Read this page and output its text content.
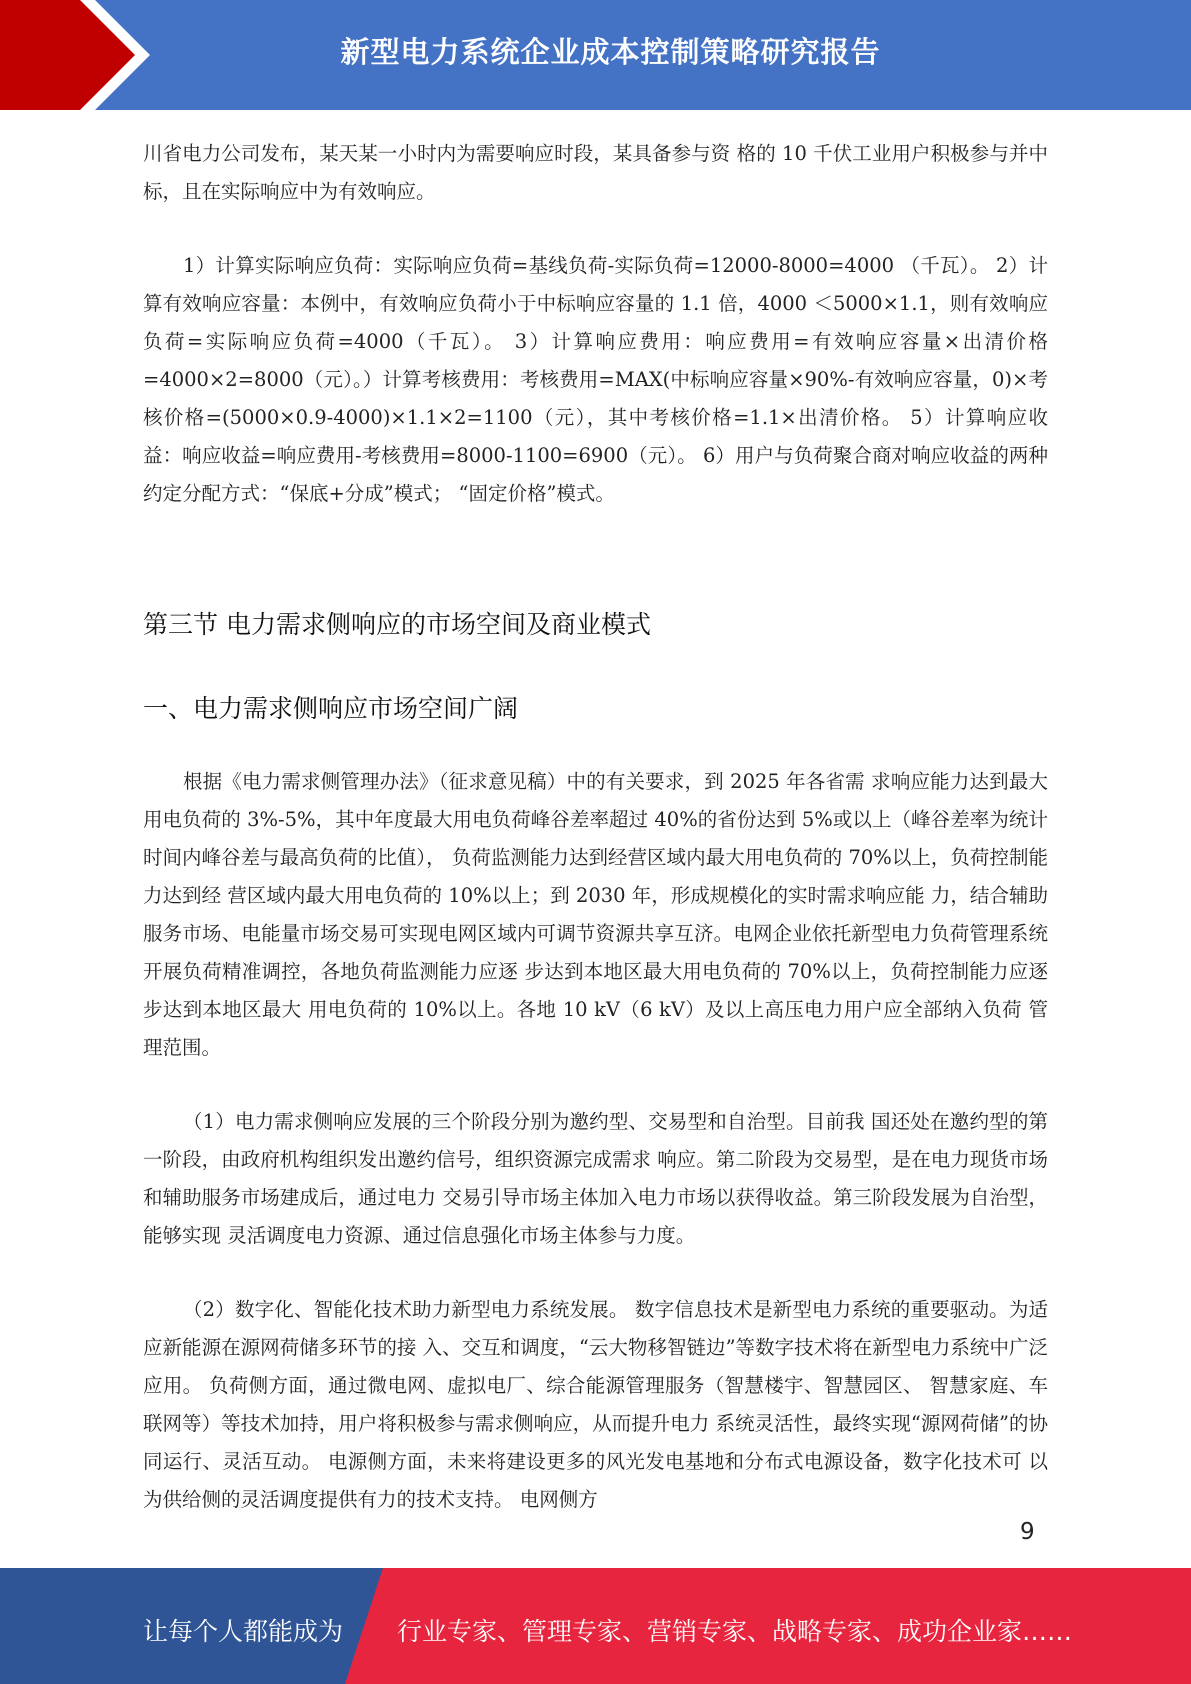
新型电力系统企业成本控制策略研究报告

川省电力公司发布，某天某一小时内为需要响应时段，某具备参与资 格的 10 千伏工业用户积极参与并中标，且在实际响应中为有效响应。

1）计算实际响应负荷：实际响应负荷=基线负荷-实际负荷=12000-8000=4000 （千瓦）。 2）计算有效响应容量：本例中，有效响应负荷小于中标响应容量的 1.1 倍，4000 ＜5000×1.1，则有效响应负荷=实际响应负荷=4000（千瓦）。 3）计算响应费用：响应费用=有效响应容量×出清价格=4000×2=8000（元）。）计算考核费用：考核费用=MAX(中标响应容量×90%-有效响应容量，0)×考 核价格=(5000×0.9-4000)×1.1×2=1100（元），其中考核价格=1.1×出清价格。 5）计算响应收益：响应收益=响应费用-考核费用=8000-1100=6900（元）。 6）用户与负荷聚合商对响应收益的两种约定分配方式：“保底+分成”模式； “固定价格”模式。

第三节 电力需求侧响应的市场空间及商业模式
一、电力需求侧响应市场空间广阔

根据《电力需求侧管理办法》（征求意见稿）中的有关要求，到 2025 年各省需 求响应能力达到最大用电负荷的 3%-5%，其中年度最大用电负荷峰谷差率超过 40%的省份达到 5%或以上（峰谷差率为统计时间内峰谷差与最高负荷的比值）， 负荷监测能力达到经营区域内最大用电负荷的 70%以上，负荷控制能力达到经 营区域内最大用电负荷的 10%以上；到 2030 年，形成规模化的实时需求响应能 力，结合辅助服务市场、电能量市场交易可实现电网区域内可调节资源共享互济。电网企业依托新型电力负荷管理系统开展负荷精准调控，各地负荷监测能力应逐 步达到本地区最大用电负荷的 70%以上，负荷控制能力应逐步达到本地区最大 用电负荷的 10%以上。各地 10 kV（6 kV）及以上高压电力用户应全部纳入负荷 管理范围。

（1）电力需求侧响应发展的三个阶段分别为邀约型、交易型和自治型。目前我 国还处在邀约型的第一阶段，由政府机构组织发出邀约信号，组织资源完成需求 响应。第二阶段为交易型，是在电力现货市场和辅助服务市场建成后，通过电力 交易引导市场主体加入电力市场以获得收益。第三阶段发展为自治型，能够实现 灵活调度电力资源、通过信息强化市场主体参与力度。

（2）数字化、智能化技术助力新型电力系统发展。 数字信息技术是新型电力系统的重要驱动。为适应新能源在源网荷储多环节的接 入、交互和调度，“云大物移智链边”等数字技术将在新型电力系统中广泛应用。 负荷侧方面，通过微电网、虚拟电厂、综合能源管理服务（智慧楼宇、智慧园区、 智慧家庭、车联网等）等技术加持，用户将积极参与需求侧响应，从而提升电力 系统灵活性，最终实现“源网荷储”的协同运行、灵活互动。 电源侧方面，未来将建设更多的风光发电基地和分布式电源设备，数字化技术可 以为供给侧的灵活调度提供有力的技术支持。 电网侧方

9
让每个人都能成为 行业专家、管理专家、营销专家、战略专家、成功企业家……
